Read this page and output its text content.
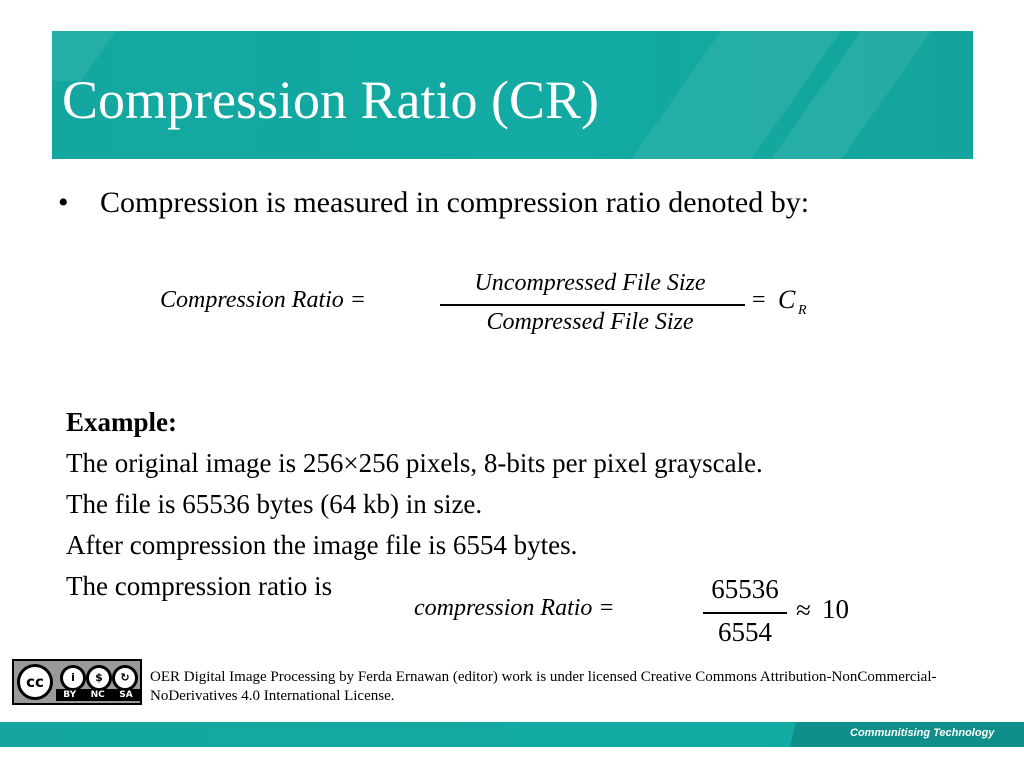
Compression Ratio (CR)
• Compression is measured in compression ratio denoted by:
Compression Ratio =
Uncompressed File Size
Compressed File Size
= C R
Example:
The original image is 256×256 pixels, 8-bits per pixel grayscale.
The file is 65536 bytes (64 kb) in size.
After compression the image file is 6554 bytes.
The compression ratio is
compression Ratio =
65536
6554
≈ 10
cc	i	$	↻
BY NC SA
OER Digital Image Processing by Ferda Ernawan (editor) work is under licensed Creative Commons Attribution-NonCommercial-NoDerivatives 4.0 International License.
Communitising Technology
